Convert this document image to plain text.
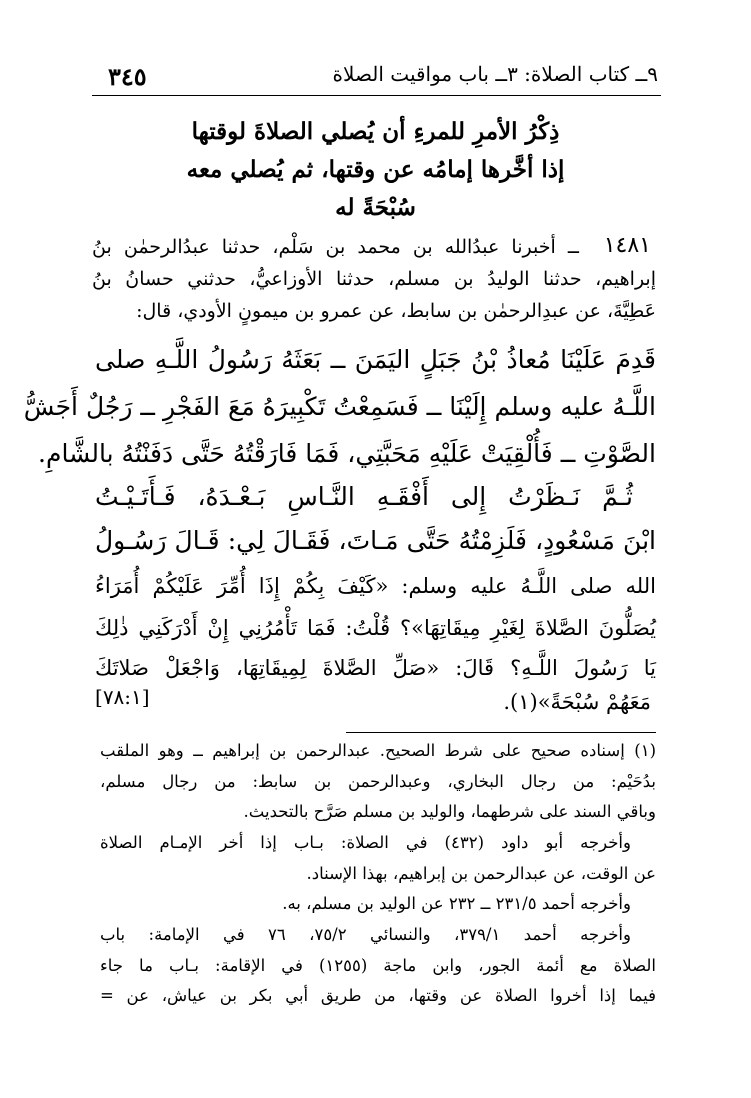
٩ــ كتاب الصلاة: ٣ــ باب مواقيت الصلاة
٣٤٥
ذِكْرُ الأمرِ للمرءِ أن يُصلي الصلاةَ لوقتها
إذا أخَّرها إمامُه عن وقتها، ثم يُصلي معه
سُبْحَةً له
١٤٨١
ــ أخبرنا عبدُالله بن محمد بن سَلْم، حدثنا عبدُالرحمٰن بنُ
إبراهيم، حدثنا الوليدُ بن مسلم، حدثنا الأوزاعيُّ، حدثني حسانُ بنُ
عَطِيَّةَ، عن عبدِالرحمٰن بن سابط، عن عمرو بن ميمونٍ الأودي، قال:
قَدِمَ عَلَيْنَا مُعاذُ بْنُ جَبَلٍ اليَمَنَ ــ بَعَثَهُ رَسُولُ اللَّـهِ صلى
اللَّـهُ عليه وسلم إِلَيْنَا ــ فَسَمِعْتُ تَكْبِيرَهُ مَعَ الفَجْرِ ــ رَجُلٌ أَجَشُّ
الصَّوْتِ ــ فَأُلْقِيَتْ عَلَيْهِ مَحَبَّتِي، فَمَا فَارَقْتُهُ حَتَّى دَفَنْتُهُ بالشَّامِ.
ثُـمَّ نَـظَرْتُ إِلى أَفْقَـهِ النَّـاسِ بَـعْـدَهُ، فَـأَتَـيْـتُ
ابْنَ مَسْعُودٍ، فَلَزِمْتُهُ حَتَّى مَـاتَ، فَقَـالَ لِي: قَـالَ رَسُـولُ
الله صلى اللَّـهُ عليه وسلم: «كَيْفَ بِكُمْ إِذَا أُمِّرَ عَلَيْكُمْ أُمَرَاءُ
يُصَلُّونَ الصَّلاةَ لِغَيْرِ مِيقَاتِهَا»؟ قُلْتُ: فَمَا تَأْمُرُنِي إِنْ أَدْرَكَنِي ذٰلِكَ
يَا رَسُولَ اللَّـهِ؟ قَالَ: «صَلِّ الصَّلاةَ لِمِيقَاتِهَا، وَاجْعَلْ صَلاتَكَ
مَعَهُمْ سُبْحَةً»(١).
[٧٨:١]
(١) إسناده صحيح على شرط الصحيح. عبدالرحمن بن إبراهيم ــ وهو الملقب
بدُحَيْم: من رجال البخاري، وعبدالرحمن بن سابط: من رجال مسلم،
وباقي السند على شرطهما، والوليد بن مسلم صَرَّح بالتحديث.
وأخرجه أبو داود (٤٣٢) في الصلاة: بـاب إذا أخر الإمـام الصلاة
عن الوقت، عن عبدالرحمن بن إبراهيم، بهذا الإسناد.
وأخرجه أحمد ٢٣١/٥ ــ ٢٣٢ عن الوليد بن مسلم، به.
وأخرجه أحمد ٣٧٩/١، والنسائي ٧٥/٢، ٧٦ في الإمامة: باب
الصلاة مع أئمة الجور، وابن ماجة (١٢٥٥) في الإقامة: بـاب ما جاء
فيما إذا أخروا الصلاة عن وقتها، من طريق أبي بكر بن عياش، عن =
